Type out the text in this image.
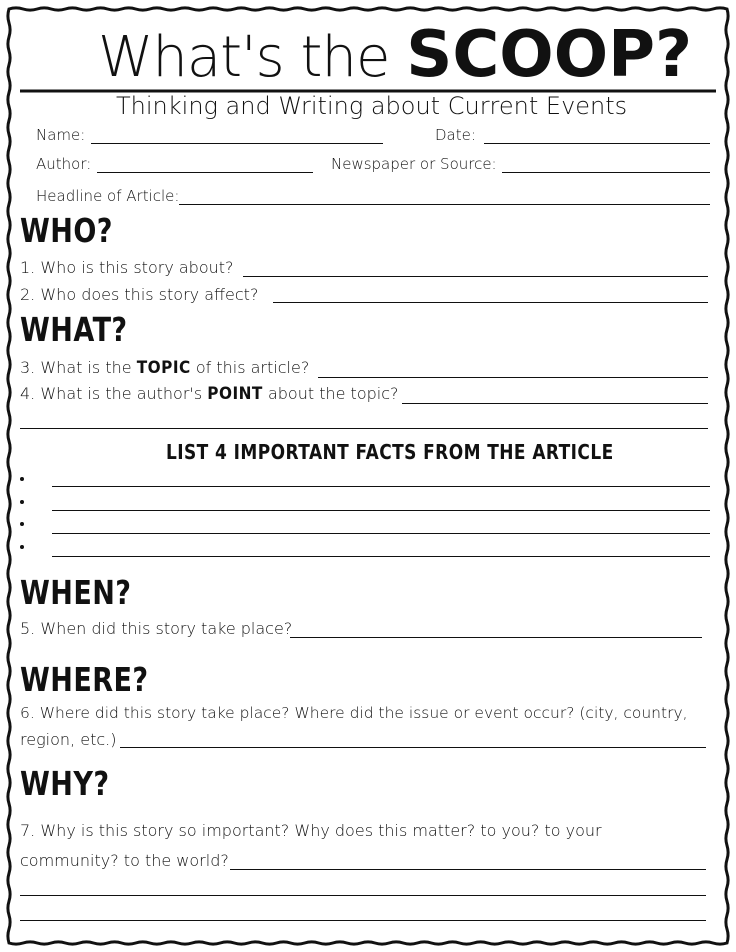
What's the SCOOP?
Thinking and Writing about Current Events
Name:	Date:
Author:	Newspaper or Source:
Headline of Article:
WHO?
1. Who is this story about?
2. Who does this story affect?
WHAT?
3. What is the TOPIC of this article?
4. What is the author's POINT about the topic?
LIST 4 IMPORTANT FACTS FROM THE ARTICLE
WHEN?
5. When did this story take place?
WHERE?
6. Where did this story take place? Where did the issue or event occur? (city, country,
region, etc.)
WHY?
7. Why is this story so important? Why does this matter? to you? to your
community? to the world?
